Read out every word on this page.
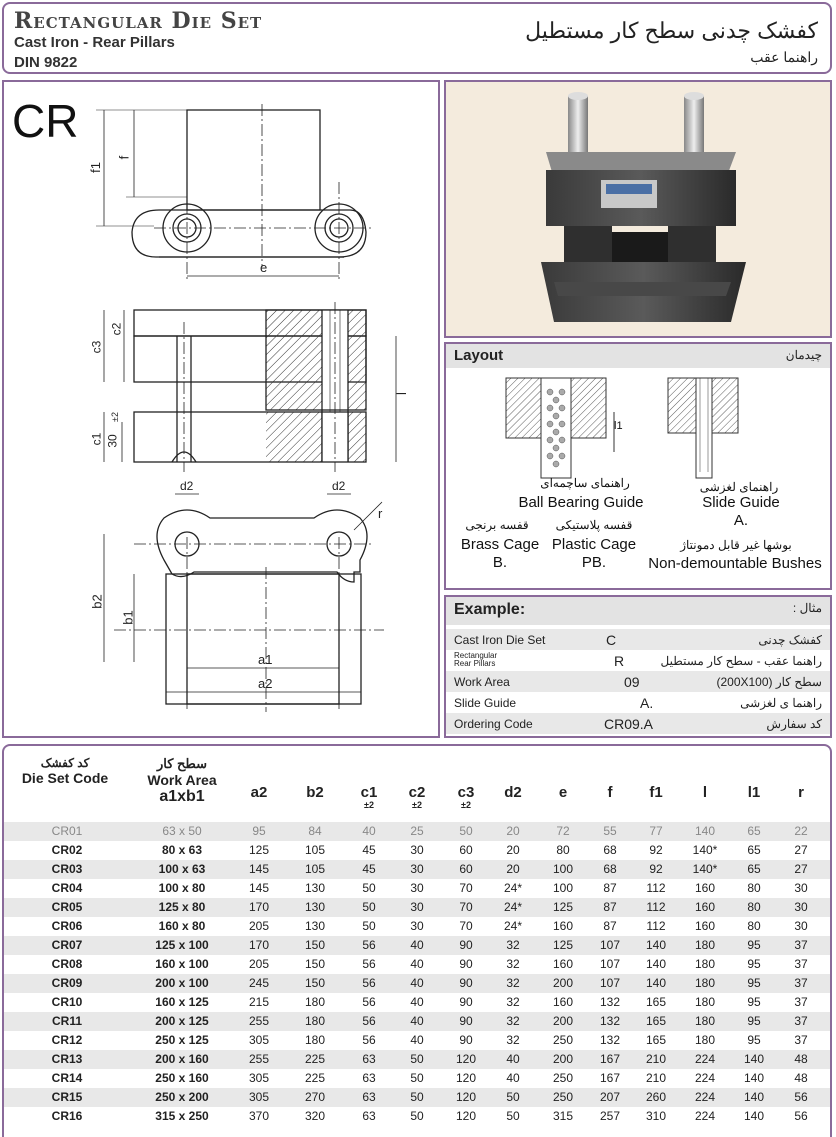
Rectangular Die Set
Cast Iron - Rear Pillars
DIN 9822
کفشک چدنی سطح کار مستطیل
راهنما عقب
CR
f1
f
e
c2
c3
l
c1 30
±2
d2	d2
r
b2
b1
a1
a2
Layout	چیدمان
l1
راهنمای ساچمه‌ای
Ball Bearing Guide
راهنمای لغزشی
Slide Guide
A.
قفسه برنجی
Brass Cage
B.
قفسه پلاستیکی
Plastic Cage
PB.
بوشها غیر قابل دمونتاژ
Non-demountable Bushes
Example:	مثال :
Cast Iron Die Set	C	کفشک چدنی
Rectangular Rear Pillars	R	راهنما عقب - سطح کار مستطیل
Work Area	09	سطح کار (200X100)
Slide Guide	A.	راهنما ی لغزشی
Ordering Code	CR09.A	کد سفارش
کد کفشک
Die Set Code
سطح کار
Work Area
a1xb1	a2	b2	c1
±2
c2
±2
c3
±2
d2	e	f	f1	l	l1	r
CR01	63 x 50	95	84	40	25	50	20	72	55	77	140	65	22
CR02	80 x 63	125	105	45	30	60	20	80	68	92	140*	65	27
CR03	100 x 63	145	105	45	30	60	20	100	68	92	140*	65	27
CR04	100 x 80	145	130	50	30	70	24*	100	87	112	160	80	30
CR05	125 x 80	170	130	50	30	70	24*	125	87	112	160	80	30
CR06	160 x 80	205	130	50	30	70	24*	160	87	112	160	80	30
CR07	125 x 100	170	150	56	40	90	32	125	107	140	180	95	37
CR08	160 x 100	205	150	56	40	90	32	160	107	140	180	95	37
CR09	200 x 100	245	150	56	40	90	32	200	107	140	180	95	37
CR10	160 x 125	215	180	56	40	90	32	160	132	165	180	95	37
CR11	200 x 125	255	180	56	40	90	32	200	132	165	180	95	37
CR12	250 x 125	305	180	56	40	90	32	250	132	165	180	95	37
CR13	200 x 160	255	225	63	50	120	40	200	167	210	224	140	48
CR14	250 x 160	305	225	63	50	120	40	250	167	210	224	140	48
CR15	250 x 200	305	270	63	50	120	50	250	207	260	224	140	56
CR16	315 x 250	370	320	63	50	120	50	315	257	310	224	140	56
